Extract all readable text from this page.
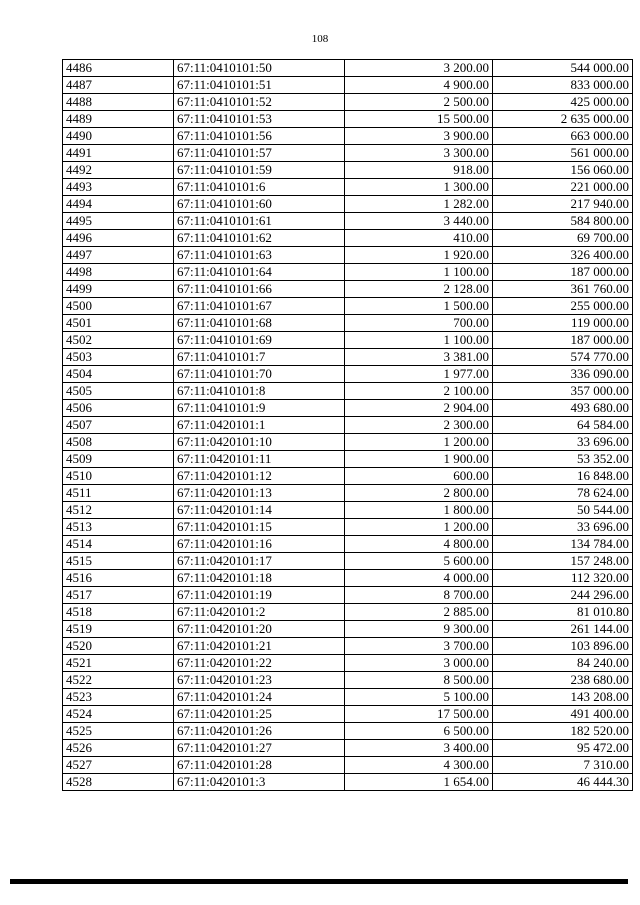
108
4486	67:11:0410101:50	3 200.00	544 000.00
4487	67:11:0410101:51	4 900.00	833 000.00
4488	67:11:0410101:52	2 500.00	425 000.00
4489	67:11:0410101:53	15 500.00	2 635 000.00
4490	67:11:0410101:56	3 900.00	663 000.00
4491	67:11:0410101:57	3 300.00	561 000.00
4492	67:11:0410101:59	918.00	156 060.00
4493	67:11:0410101:6	1 300.00	221 000.00
4494	67:11:0410101:60	1 282.00	217 940.00
4495	67:11:0410101:61	3 440.00	584 800.00
4496	67:11:0410101:62	410.00	69 700.00
4497	67:11:0410101:63	1 920.00	326 400.00
4498	67:11:0410101:64	1 100.00	187 000.00
4499	67:11:0410101:66	2 128.00	361 760.00
4500	67:11:0410101:67	1 500.00	255 000.00
4501	67:11:0410101:68	700.00	119 000.00
4502	67:11:0410101:69	1 100.00	187 000.00
4503	67:11:0410101:7	3 381.00	574 770.00
4504	67:11:0410101:70	1 977.00	336 090.00
4505	67:11:0410101:8	2 100.00	357 000.00
4506	67:11:0410101:9	2 904.00	493 680.00
4507	67:11:0420101:1	2 300.00	64 584.00
4508	67:11:0420101:10	1 200.00	33 696.00
4509	67:11:0420101:11	1 900.00	53 352.00
4510	67:11:0420101:12	600.00	16 848.00
4511	67:11:0420101:13	2 800.00	78 624.00
4512	67:11:0420101:14	1 800.00	50 544.00
4513	67:11:0420101:15	1 200.00	33 696.00
4514	67:11:0420101:16	4 800.00	134 784.00
4515	67:11:0420101:17	5 600.00	157 248.00
4516	67:11:0420101:18	4 000.00	112 320.00
4517	67:11:0420101:19	8 700.00	244 296.00
4518	67:11:0420101:2	2 885.00	81 010.80
4519	67:11:0420101:20	9 300.00	261 144.00
4520	67:11:0420101:21	3 700.00	103 896.00
4521	67:11:0420101:22	3 000.00	84 240.00
4522	67:11:0420101:23	8 500.00	238 680.00
4523	67:11:0420101:24	5 100.00	143 208.00
4524	67:11:0420101:25	17 500.00	491 400.00
4525	67:11:0420101:26	6 500.00	182 520.00
4526	67:11:0420101:27	3 400.00	95 472.00
4527	67:11:0420101:28	4 300.00	7 310.00
4528	67:11:0420101:3	1 654.00	46 444.30
